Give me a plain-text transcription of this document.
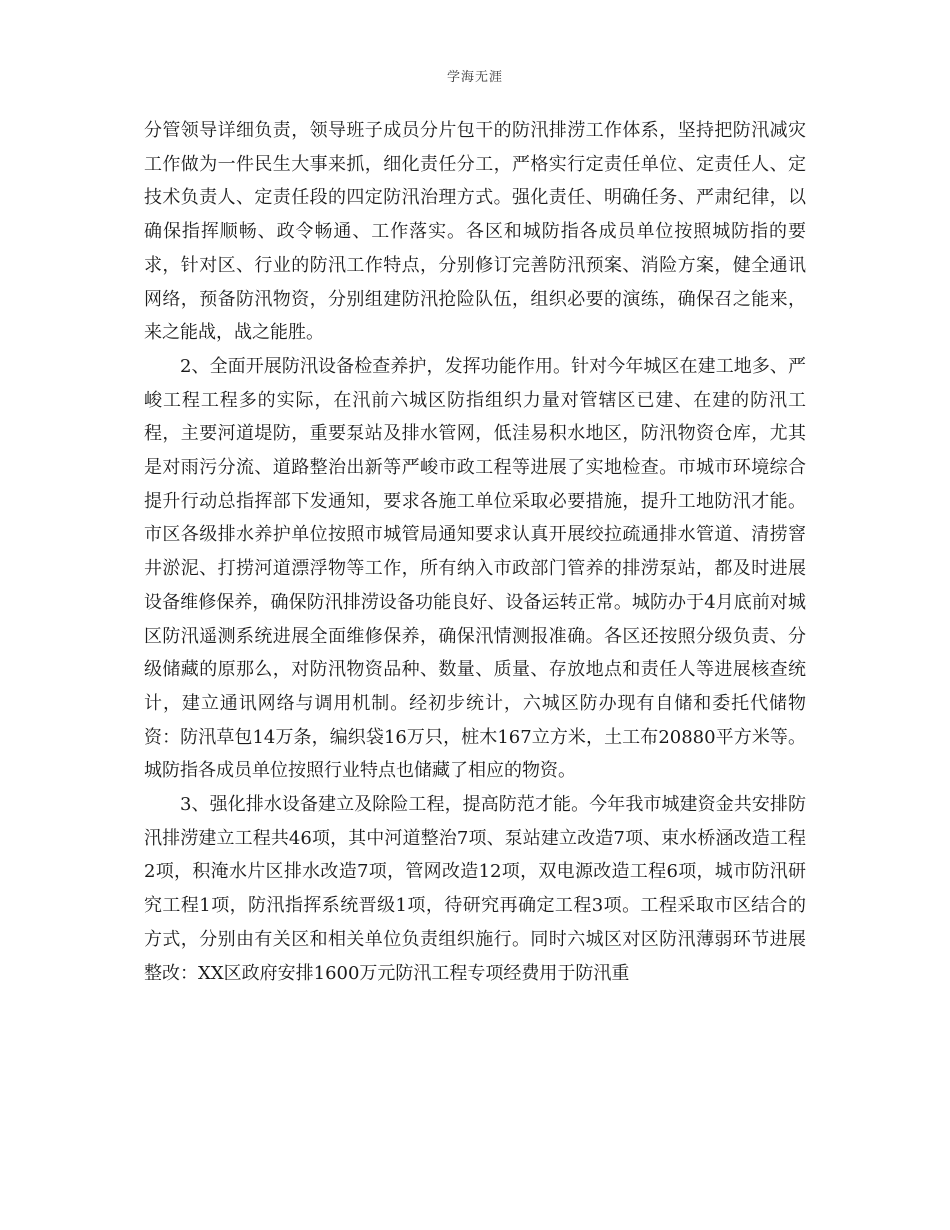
学海无涯

分管领导详细负责，领导班子成员分片包干的防汛排涝工作体系，坚持把防汛减灾工作做为一件民生大事来抓，细化责任分工，严格实行定责任单位、定责任人、定技术负责人、定责任段的四定防汛治理方式。强化责任、明确任务、严肃纪律，以确保指挥顺畅、政令畅通、工作落实。各区和城防指各成员单位按照城防指的要求，针对区、行业的防汛工作特点，分别修订完善防汛预案、消险方案，健全通讯网络，预备防汛物资，分别组建防汛抢险队伍，组织必要的演练，确保召之能来，来之能战，战之能胜。

2、全面开展防汛设备检查养护，发挥功能作用。针对今年城区在建工地多、严峻工程工程多的实际，在汛前六城区防指组织力量对管辖区已建、在建的防汛工程，主要河道堤防，重要泵站及排水管网，低洼易积水地区，防汛物资仓库，尤其是对雨污分流、道路整治出新等严峻市政工程等进展了实地检查。市城市环境综合提升行动总指挥部下发通知，要求各施工单位采取必要措施，提升工地防汛才能。市区各级排水养护单位按照市城管局通知要求认真开展绞拉疏通排水管道、清捞窨井淤泥、打捞河道漂浮物等工作，所有纳入市政部门管养的排涝泵站，都及时进展设备维修保养，确保防汛排涝设备功能良好、设备运转正常。城防办于4月底前对城区防汛遥测系统进展全面维修保养，确保汛情测报准确。各区还按照分级负责、分级储藏的原那么，对防汛物资品种、数量、质量、存放地点和责任人等进展核查统计，建立通讯网络与调用机制。经初步统计，六城区防办现有自储和委托代储物资：防汛草包14万条，编织袋16万只，桩木167立方米，土工布20880平方米等。城防指各成员单位按照行业特点也储藏了相应的物资。

3、强化排水设备建立及除险工程，提高防范才能。今年我市城建资金共安排防汛排涝建立工程共46项，其中河道整治7项、泵站建立改造7项、束水桥涵改造工程2项，积淹水片区排水改造7项，管网改造12项，双电源改造工程6项，城市防汛研究工程1项，防汛指挥系统晋级1项，待研究再确定工程3项。工程采取市区结合的方式，分别由有关区和相关单位负责组织施行。同时六城区对区防汛薄弱环节进展整改：XX区政府安排1600万元防汛工程专项经费用于防汛重
